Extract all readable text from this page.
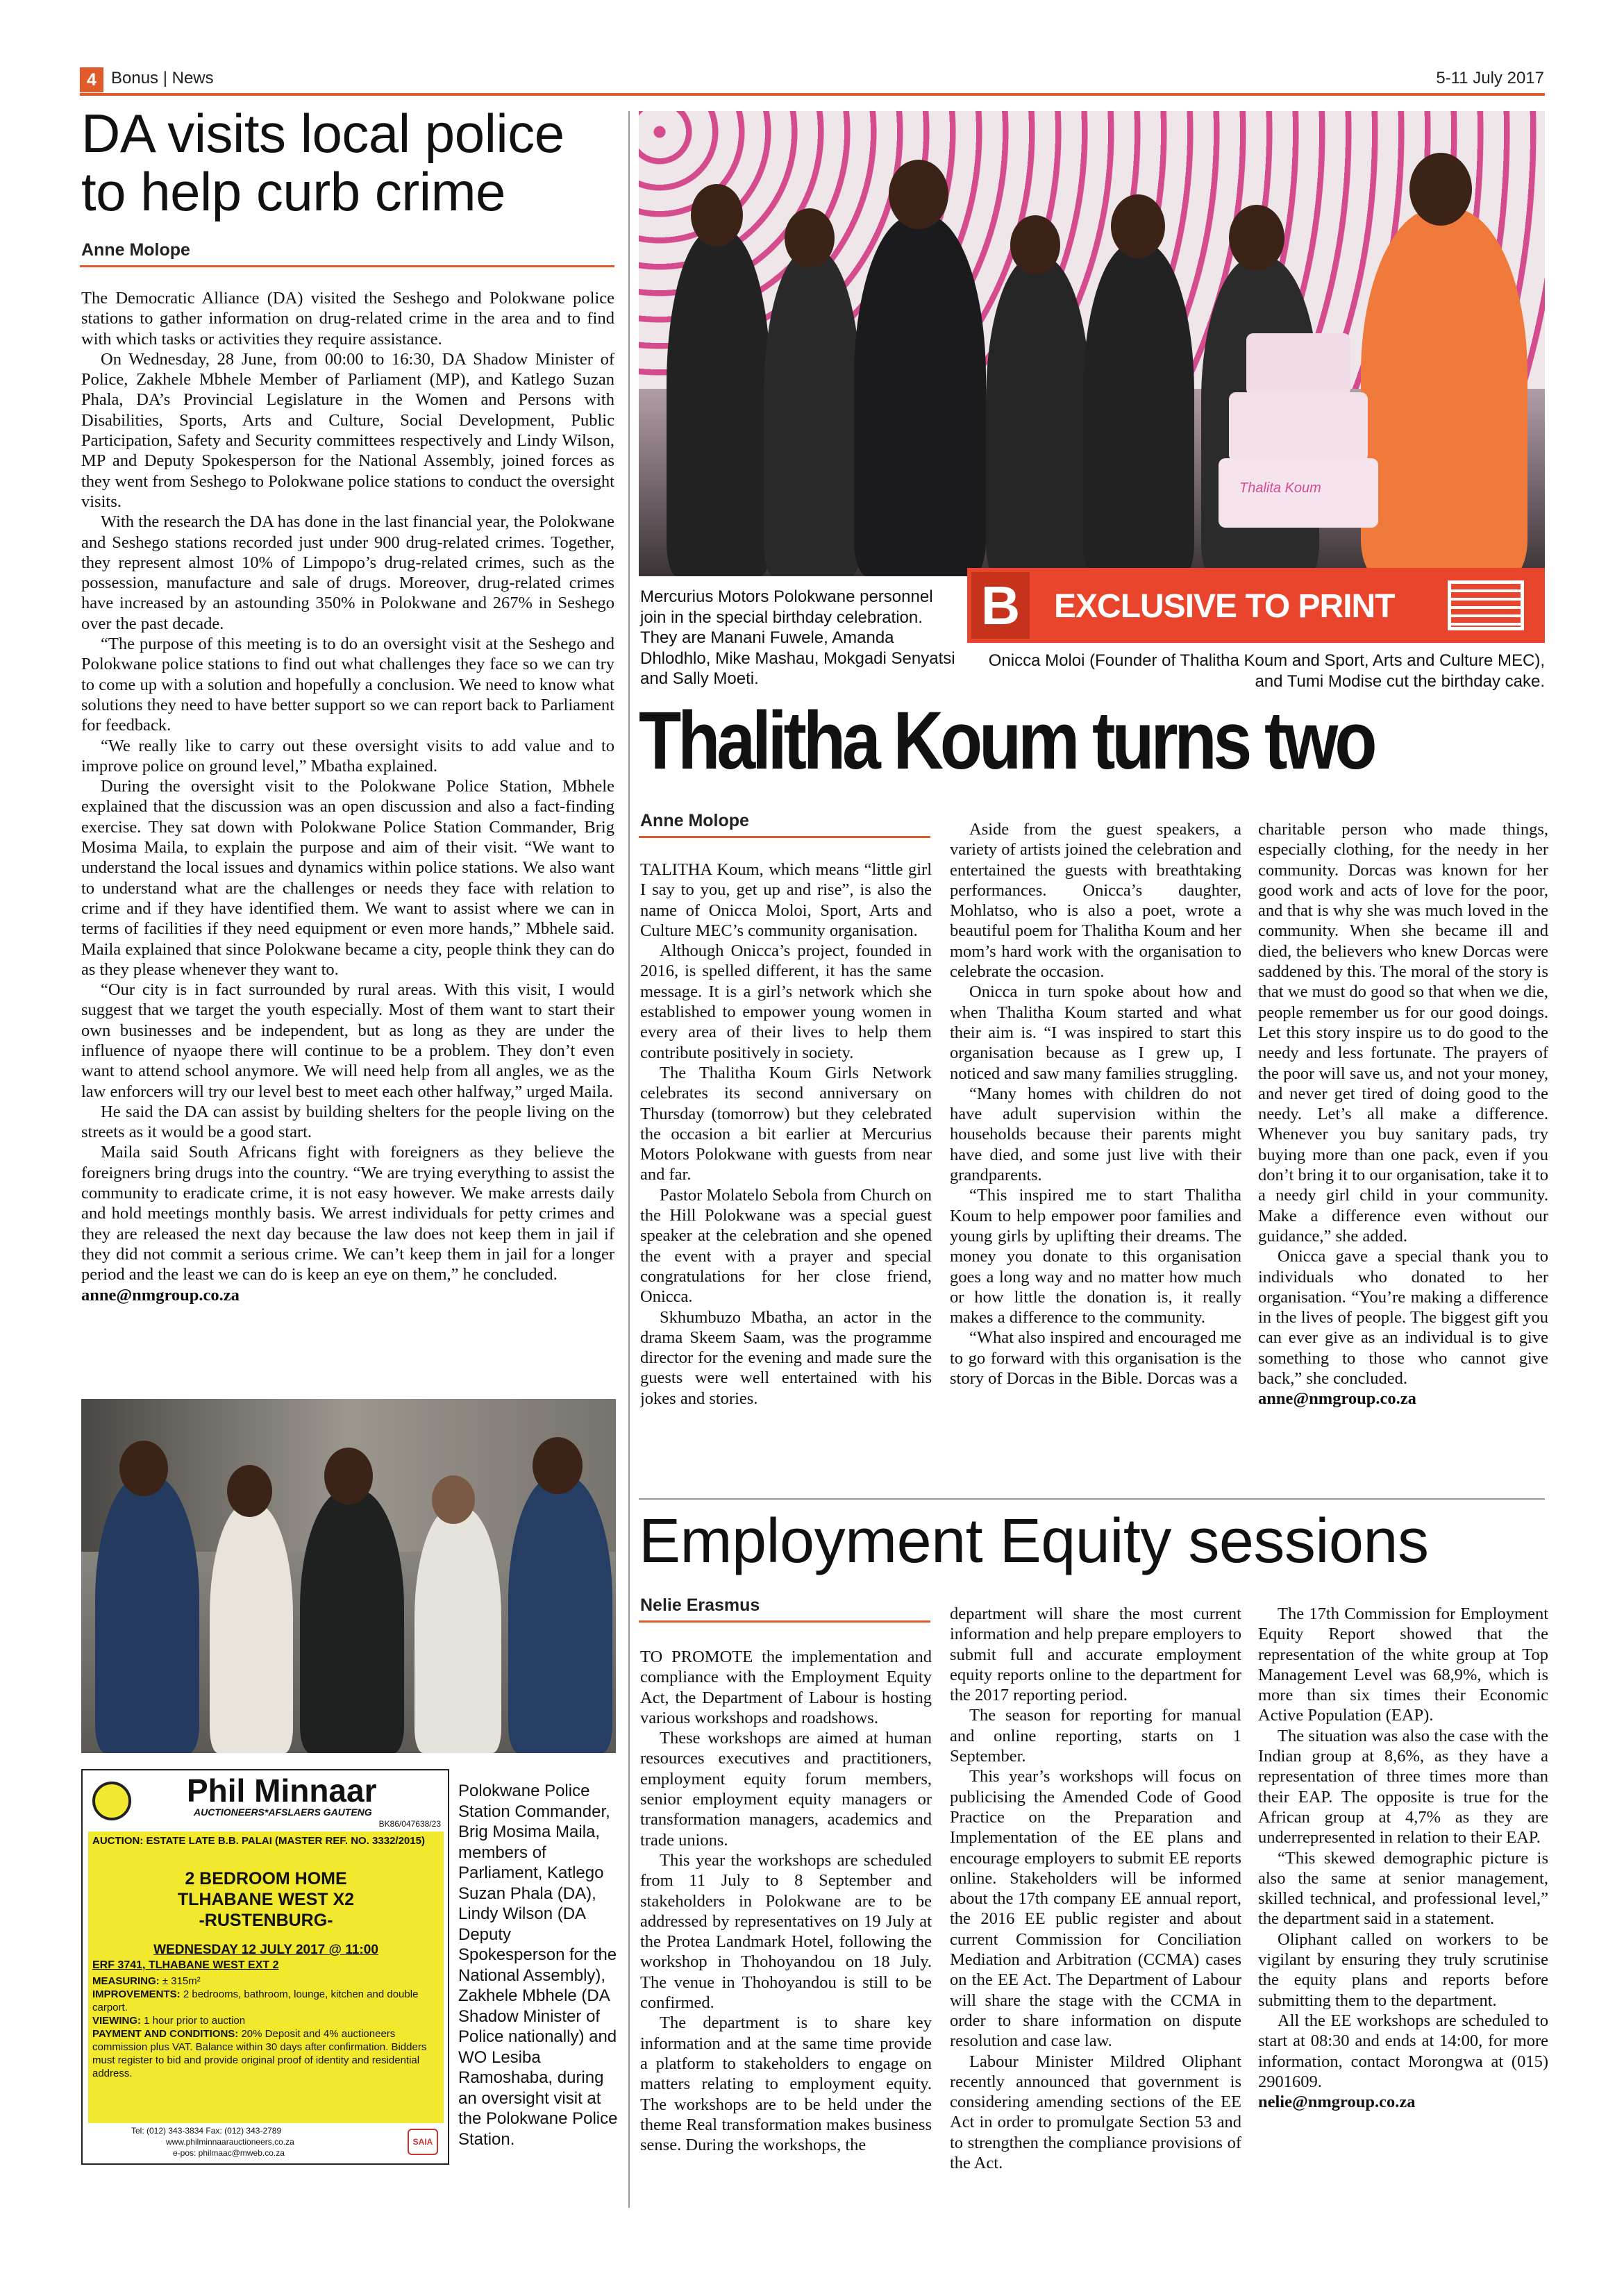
4 Bonus | News	5-11 July 2017
DA visits local police to help curb crime
Anne Molope

The Democratic Alliance (DA) visited the Seshego and Polokwane police stations to gather information on drug-related crime in the area and to find with which tasks or activities they require assistance.

On Wednesday, 28 June, from 00:00 to 16:30, DA Shadow Minister of Police, Zakhele Mbhele Member of Parliament (MP), and Katlego Suzan Phala, DA’s Provincial Legislature in the Women and Persons with Disabilities, Sports, Arts and Culture, Social Development, Public Participation, Safety and Security committees respectively and Lindy Wilson, MP and Deputy Spokesperson for the National Assembly, joined forces as they went from Seshego to Polokwane police stations to conduct the oversight visits.

With the research the DA has done in the last financial year, the Polokwane and Seshego stations recorded just under 900 drug-related crimes. Together, they represent almost 10% of Limpopo’s drug-related crimes, such as the possession, manufacture and sale of drugs. Moreover, drug-related crimes have increased by an astounding 350% in Polokwane and 267% in Seshego over the past decade.

“The purpose of this meeting is to do an oversight visit at the Seshego and Polokwane police stations to find out what challenges they face so we can try to come up with a solution and hopefully a conclusion. We need to know what solutions they need to have better support so we can report back to Parliament for feedback.

“We really like to carry out these oversight visits to add value and to improve police on ground level,” Mbatha explained.

During the oversight visit to the Polokwane Police Station, Mbhele explained that the discussion was an open discussion and also a fact-finding exercise. They sat down with Polokwane Police Station Commander, Brig Mosima Maila, to explain the purpose and aim of their visit. “We want to understand the local issues and dynamics within police stations. We also want to understand what are the challenges or needs they face with relation to crime and if they have identified them. We want to assist where we can in terms of facilities if they need equipment or even more hands,” Mbhele said. Maila explained that since Polokwane became a city, people think they can do as they please whenever they want to.

“Our city is in fact surrounded by rural areas. With this visit, I would suggest that we target the youth especially. Most of them want to start their own businesses and be independent, but as long as they are under the influence of nyaope there will continue to be a problem. They don’t even want to attend school anymore. We will need help from all angles, we as the law enforcers will try our level best to meet each other halfway,” urged Maila.

He said the DA can assist by building shelters for the people living on the streets as it would be a good start.

Maila said South Africans fight with foreigners as they believe the foreigners bring drugs into the country. “We are trying everything to assist the community to eradicate crime, it is not easy however. We make arrests daily and hold meetings monthly basis. We arrest individuals for petty crimes and they are released the next day because the law does not keep them in jail if they did not commit a serious crime. We can’t keep them in jail for a longer period and the least we can do is keep an eye on them,” he concluded.

anne@nmgroup.co.za

Phil Minnaar
AUCTIONEERS*AFSLAERS GAUTENG
BK86/047638/23
AUCTION: ESTATE LATE B.B. PALAI (MASTER REF. NO. 3332/2015)
2 BEDROOM HOME
TLHABANE WEST X2
-RUSTENBURG-
WEDNESDAY 12 JULY 2017 @ 11:00
ERF 3741, TLHABANE WEST EXT 2
MEASURING: ± 315m²
IMPROVEMENTS: 2 bedrooms, bathroom, lounge, kitchen and double carport.
VIEWING: 1 hour prior to auction
PAYMENT AND CONDITIONS: 20% Deposit and 4% auctioneers commission plus VAT. Balance within 30 days after confirmation. Bidders must register to bid and provide original proof of identity and residential address.
Tel: (012) 343-3834 Fax: (012) 343-2789
www.philminnaarauctioneers.co.za
e-pos: philmaac@mweb.co.za
SAIA
Polokwane Police Station Commander, Brig Mosima Maila, members of Parliament, Katlego Suzan Phala (DA), Lindy Wilson (DA Deputy Spokesperson for the National Assembly), Zakhele Mbhele (DA Shadow Minister of Police nationally) and WO Lesiba Ramoshaba, during an oversight visit at the Polokwane Police Station.
Thalita Koum
Mercurius Motors Polokwane personnel join in the special birthday celebration. They are Manani Fuwele, Amanda Dhlodhlo, Mike Mashau, Mokgadi Senyatsi and Sally Moeti.
B EXCLUSIVE TO PRINT
Onicca Moloi (Founder of Thalitha Koum and Sport, Arts and Culture MEC), and Tumi Modise cut the birthday cake.
Thalitha Koum turns two
Anne Molope

TALITHA Koum, which means “little girl I say to you, get up and rise”, is also the name of Onicca Moloi, Sport, Arts and Culture MEC’s community organisation.

Although Onicca’s project, founded in 2016, is spelled different, it has the same message. It is a girl’s network which she established to empower young women in every area of their lives to help them contribute positively in society.

The Thalitha Koum Girls Network celebrates its second anniversary on Thursday (tomorrow) but they celebrated the occasion a bit earlier at Mercurius Motors Polokwane with guests from near and far.

Pastor Molatelo Sebola from Church on the Hill Polokwane was a special guest speaker at the celebration and she opened the event with a prayer and special congratulations for her close friend, Onicca.

Skhumbuzo Mbatha, an actor in the drama Skeem Saam, was the programme director for the evening and made sure the guests were well entertained with his jokes and stories.

Aside from the guest speakers, a variety of artists joined the celebration and entertained the guests with breathtaking performances. Onicca’s daughter, Mohlatso, who is also a poet, wrote a beautiful poem for Thalitha Koum and her mom’s hard work with the organisation to celebrate the occasion.

Onicca in turn spoke about how and when Thalitha Koum started and what their aim is. “I was inspired to start this organisation because as I grew up, I noticed and saw many families struggling.

“Many homes with children do not have adult supervision within the households because their parents might have died, and some just live with their grandparents.

“This inspired me to start Thalitha Koum to help empower poor families and young girls by uplifting their dreams. The money you donate to this organisation goes a long way and no matter how much or how little the donation is, it really makes a difference to the community.

“What also inspired and encouraged me to go forward with this organisation is the story of Dorcas in the Bible. Dorcas was a

charitable person who made things, especially clothing, for the needy in her community. Dorcas was known for her good work and acts of love for the poor, and that is why she was much loved in the community. When she became ill and died, the believers who knew Dorcas were saddened by this. The moral of the story is that we must do good so that when we die, people remember us for our good doings. Let this story inspire us to do good to the needy and less fortunate. The prayers of the poor will save us, and not your money, and never get tired of doing good to the needy. Let’s all make a difference. Whenever you buy sanitary pads, try buying more than one pack, even if you don’t bring it to our organisation, take it to a needy girl child in your community. Make a difference even without our guidance,” she added.

Onicca gave a special thank you to individuals who donated to her organisation. “You’re making a difference in the lives of people. The biggest gift you can ever give as an individual is to give something to those who cannot give back,” she concluded.

anne@nmgroup.co.za

Employment Equity sessions
Nelie Erasmus

TO PROMOTE the implementation and compliance with the Employment Equity Act, the Department of Labour is hosting various workshops and roadshows.

These workshops are aimed at human resources executives and practitioners, employment equity forum members, senior employment equity managers or transformation managers, academics and trade unions.

This year the workshops are scheduled from 11 July to 8 September and stakeholders in Polokwane are to be addressed by representatives on 19 July at the Protea Landmark Hotel, following the workshop in Thohoyandou on 18 July. The venue in Thohoyandou is still to be confirmed.

The department is to share key information and at the same time provide a platform to stakeholders to engage on matters relating to employment equity. The workshops are to be held under the theme Real transformation makes business sense. During the workshops, the

department will share the most current information and help prepare employers to submit full and accurate employment equity reports online to the department for the 2017 reporting period.

The season for reporting for manual and online reporting, starts on 1 September.

This year’s workshops will focus on publicising the Amended Code of Good Practice on the Preparation and Implementation of the EE plans and encourage employers to submit EE reports online. Stakeholders will be informed about the 17th company EE annual report, the 2016 EE public register and about current Commission for Conciliation Mediation and Arbitration (CCMA) cases on the EE Act. The Department of Labour will share the stage with the CCMA in order to share information on dispute resolution and case law.

Labour Minister Mildred Oliphant recently announced that government is considering amending sections of the EE Act in order to promulgate Section 53 and to strengthen the compliance provisions of the Act.

The 17th Commission for Employment Equity Report showed that the representation of the white group at Top Management Level was 68,9%, which is more than six times their Economic Active Population (EAP).

The situation was also the case with the Indian group at 8,6%, as they have a representation of three times more than their EAP. The opposite is true for the African group at 4,7% as they are underrepresented in relation to their EAP.

“This skewed demographic picture is also the same at senior management, skilled technical, and professional level,” the department said in a statement.

Oliphant called on workers to be vigilant by ensuring they truly scrutinise the equity plans and reports before submitting them to the department.

All the EE workshops are scheduled to start at 08:30 and ends at 14:00, for more information, contact Morongwa at (015) 2901609.

nelie@nmgroup.co.za
